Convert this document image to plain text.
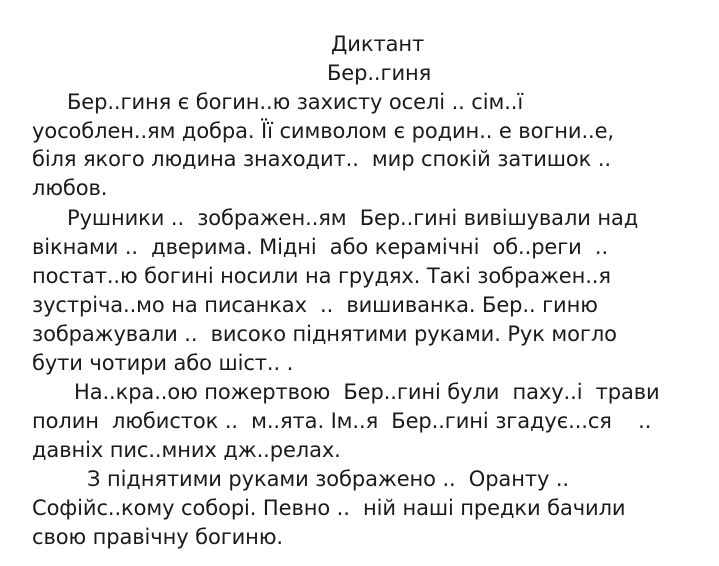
Диктант
Бер..гиня
Бер..гиня є богин..ю захисту оселі .. сім..ї
уособлен..ям добра. Її символом є родин.. е вогни..е,
біля якого людина знаходит..  мир спокій затишок ..
любов.
Рушники ..  зображен..ям  Бер..гині вивішували над
вікнами ..  дверима. Мідні  або керамічні  об..реги  ..
постат..ю богині носили на грудях. Такі зображен..я
зустріча..мо на писанках  ..  вишиванка. Бер.. гиню
зображували ..  високо піднятими руками. Рук могло
бути чотири або шіст.. .
На..кра..ою пожертвою  Бер..гині були  паху..і  трави
полин  любисток ..  м..ята. Ім..я  Бер..гині згадує...ся    ..
давніх пис..мних дж..релах.
З піднятими руками зображено ..  Оранту ..
Софійс..кому соборі. Певно ..  ній наші предки бачили
свою правічну богиню.
